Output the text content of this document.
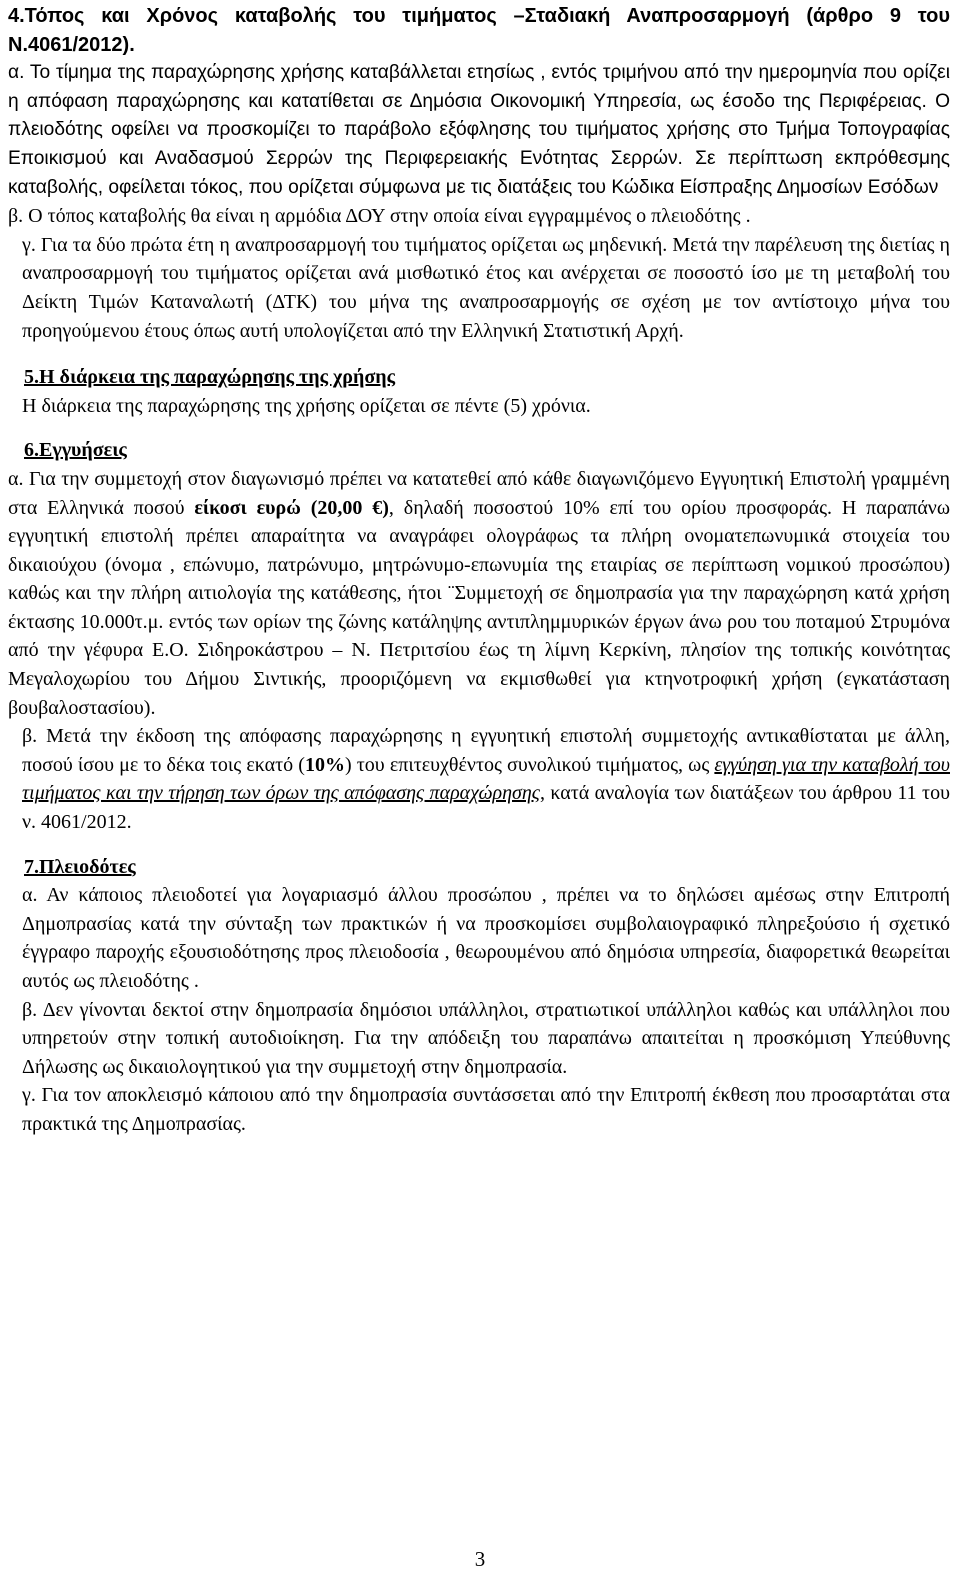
4.Τόπος και Χρόνος καταβολής του τιμήματος –Σταδιακή Αναπροσαρμογή (άρθρο 9 του Ν.4061/2012).

α. Το τίμημα της παραχώρησης χρήσης καταβάλλεται ετησίως , εντός τριμήνου από την ημερομηνία που ορίζει η απόφαση παραχώρησης και κατατίθεται σε Δημόσια Οικονομική Υπηρεσία, ως έσοδο της Περιφέρειας. Ο πλειοδότης οφείλει να προσκομίζει το παράβολο εξόφλησης του τιμήματος χρήσης στο Τμήμα Τοπογραφίας Εποικισμού και Αναδασμού Σερρών της Περιφερειακής Ενότητας Σερρών. Σε περίπτωση εκπρόθεσμης καταβολής, οφείλεται τόκος, που ορίζεται σύμφωνα με τις διατάξεις του Κώδικα Είσπραξης Δημοσίων Εσόδων

β. Ο τόπος καταβολής θα είναι η αρμόδια ΔΟΥ στην οποία είναι εγγραμμένος ο πλειοδότης .

γ. Για τα δύο πρώτα έτη η αναπροσαρμογή του τιμήματος ορίζεται ως μηδενική. Μετά την παρέλευση της διετίας η αναπροσαρμογή του τιμήματος ορίζεται ανά μισθωτικό έτος και ανέρχεται σε ποσοστό ίσο με τη μεταβολή του Δείκτη Τιμών Καταναλωτή (ΔΤΚ) του μήνα της αναπροσαρμογής σε σχέση με τον αντίστοιχο μήνα του προηγούμενου έτους όπως αυτή υπολογίζεται από την Ελληνική Στατιστική Αρχή.

5.Η διάρκεια της παραχώρησης της χρήσης

Η διάρκεια της παραχώρησης της χρήσης ορίζεται σε πέντε (5) χρόνια.

6.Εγγυήσεις

α. Για την συμμετοχή στον διαγωνισμό πρέπει να κατατεθεί από κάθε διαγωνιζόμενο Εγγυητική Επιστολή γραμμένη στα Ελληνικά ποσού είκοσι ευρώ (20,00 €), δηλαδή ποσοστού 10% επί του ορίου προσφοράς. Η παραπάνω εγγυητική επιστολή πρέπει απαραίτητα να αναγράφει ολογράφως τα πλήρη ονοματεπωνυμικά στοιχεία του δικαιούχου (όνομα , επώνυμο, πατρώνυμο, μητρώνυμο-επωνυμία της εταιρίας σε περίπτωση νομικού προσώπου) καθώς και την πλήρη αιτιολογία της κατάθεσης, ήτοι ¨Συμμετοχή σε δημοπρασία για την παραχώρηση κατά χρήση έκτασης 10.000τ.μ. εντός των ορίων της ζώνης κατάληψης αντιπλημμυρικών έργων άνω ρου του ποταμού Στρυμόνα από την γέφυρα Ε.Ο. Σιδηροκάστρου – Ν. Πετριτσίου έως τη λίμνη Κερκίνη, πλησίον της τοπικής κοινότητας Μεγαλοχωρίου του Δήμου Σιντικής, προοριζόμενη να εκμισθωθεί για κτηνοτροφική χρήση (εγκατάσταση βουβαλοστασίου).

β. Μετά την έκδοση της απόφασης παραχώρησης η εγγυητική επιστολή συμμετοχής αντικαθίσταται με άλλη, ποσού ίσου με το δέκα τοις εκατό (10%) του επιτευχθέντος συνολικού τιμήματος, ως εγγύηση για την καταβολή του τιμήματος και την τήρηση των όρων της απόφασης παραχώρησης, κατά αναλογία των διατάξεων του άρθρου 11 του ν. 4061/2012.

7.Πλειοδότες

α. Αν κάποιος πλειοδοτεί για λογαριασμό άλλου προσώπου , πρέπει να το δηλώσει αμέσως στην Επιτροπή Δημοπρασίας κατά την σύνταξη των πρακτικών ή να προσκομίσει συμβολαιογραφικό πληρεξούσιο ή σχετικό έγγραφο παροχής εξουσιοδότησης προς πλειοδοσία , θεωρουμένου από δημόσια υπηρεσία, διαφορετικά θεωρείται αυτός ως πλειοδότης .

β. Δεν γίνονται δεκτοί στην δημοπρασία δημόσιοι υπάλληλοι, στρατιωτικοί υπάλληλοι καθώς και υπάλληλοι που υπηρετούν στην τοπική αυτοδιοίκηση. Για την απόδειξη του παραπάνω απαιτείται η προσκόμιση Υπεύθυνης Δήλωσης ως δικαιολογητικού για την συμμετοχή στην δημοπρασία.

γ. Για τον αποκλεισμό κάποιου από την δημοπρασία συντάσσεται από την Επιτροπή έκθεση που προσαρτάται στα πρακτικά της Δημοπρασίας.

3
